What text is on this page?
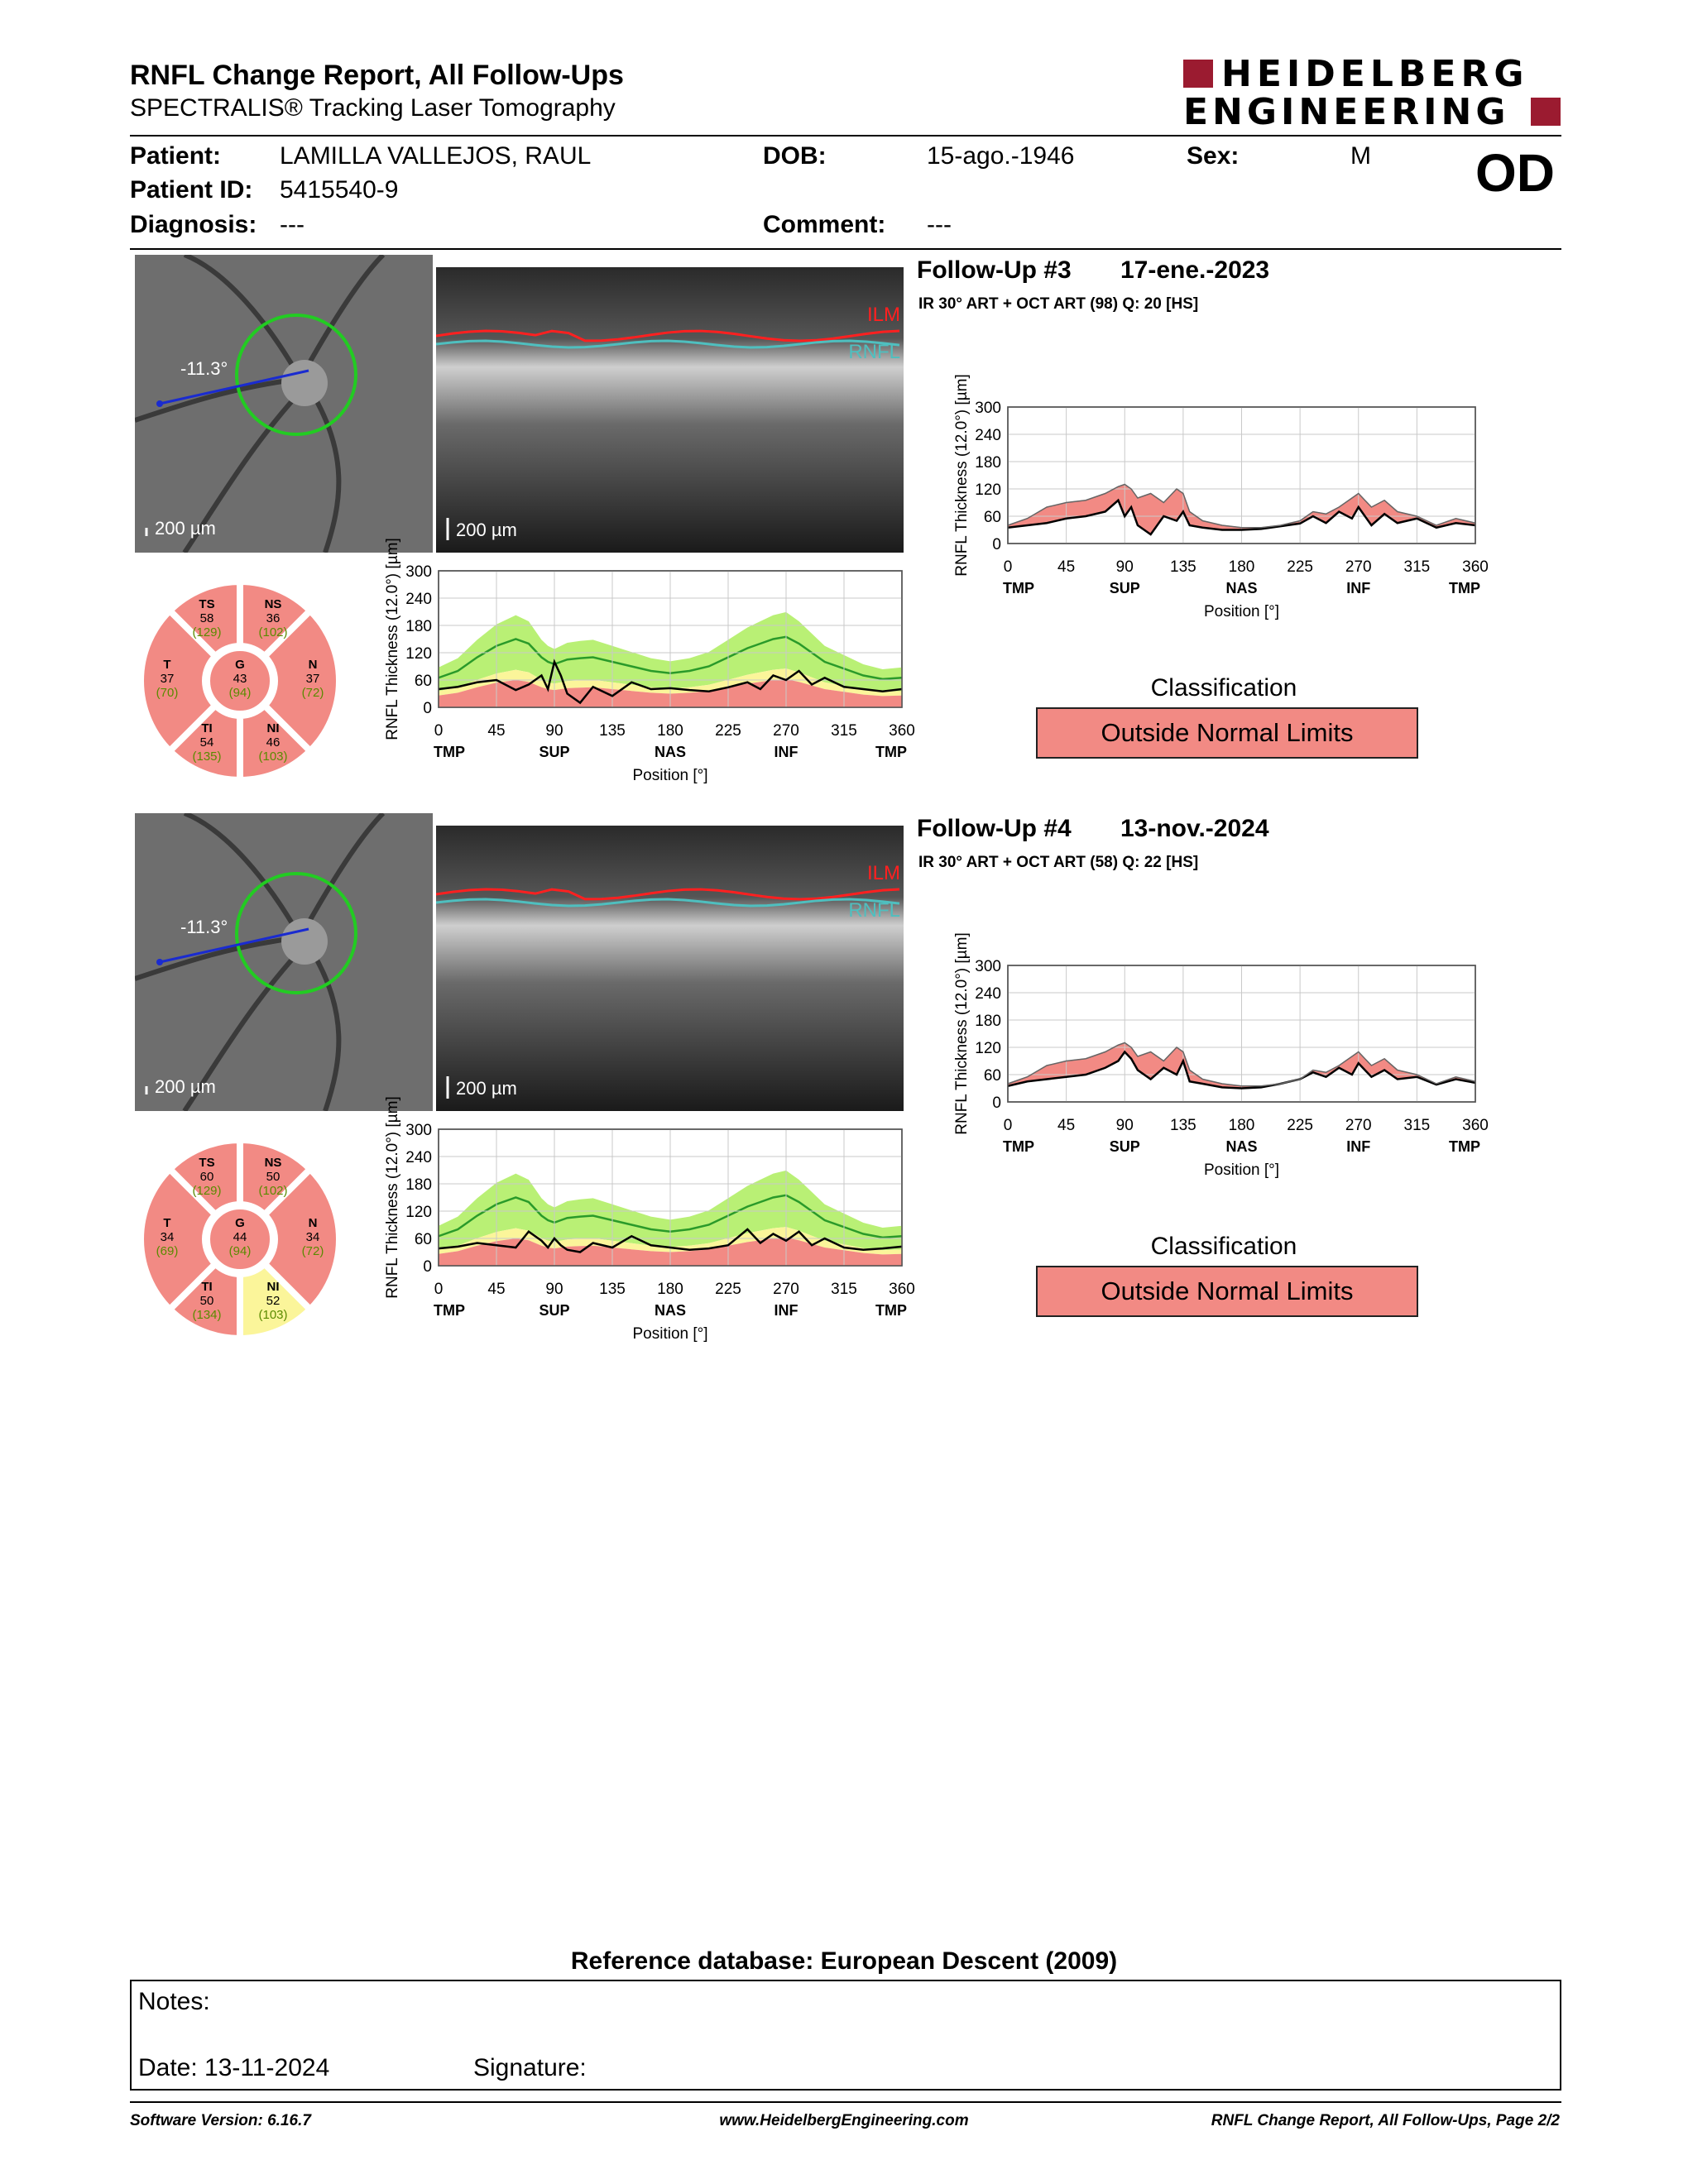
RNFL Change Report, All Follow-Ups
SPECTRALIS® Tracking Laser Tomography
HEIDELBERG
ENGINEERING
Patient: LAMILLA VALLEJOS, RAUL
Patient ID: 5415540-9
Diagnosis: ---
DOB:	15-ago.-1946
Comment: ---
Sex:	M OD
-11.3°
200 µm
ILM
RNFL
200 µm
Follow-Up #3 17-ene.-2023
IR 30° ART + OCT ART (98) Q: 20 [HS]
TS
58
(129)
NS
36
(102)
T
37
(70)
G
43
(94)
N
37
(72)
TI
54
(135)
NI
46
(103)
300
240
180
120
60
0
0	45	90 135 180 225 270 315 360
TMP	SUP	NAS	INF	TMP
Position [°]
RNFL Thickness (12.0°) [µm]
300
240
180
120
60
0
0	45	90 135 180 225 270 315 360
TMP	SUP	NAS	INF	TMP
Position [°]
RNFL Thickness (12.0°) [µm]
Classification
Outside Normal Limits
-11.3°
200 µm
ILM
RNFL
200 µm
Follow-Up #4 13-nov.-2024
IR 30° ART + OCT ART (58) Q: 22 [HS]
TS
60
(129)
NS
50
(102)
T
34
(69)
G
44
(94)
N
34
(72)
TI
50
(134)
NI
52
(103)
300
240
180
120
60
0
0	45	90 135 180 225 270 315 360
TMP	SUP	NAS	INF	TMP
Position [°]
RNFL Thickness (12.0°) [µm]
300
240
180
120
60
0
0	45	90 135 180 225 270 315 360
TMP	SUP	NAS	INF	TMP
Position [°]
RNFL Thickness (12.0°) [µm]
Classification
Outside Normal Limits
Reference database: European Descent (2009)
Notes:
Date: 13-11-2024	Signature:
Software Version: 6.16.7	www.HeidelbergEngineering.com	RNFL Change Report, All Follow-Ups, Page 2/2
